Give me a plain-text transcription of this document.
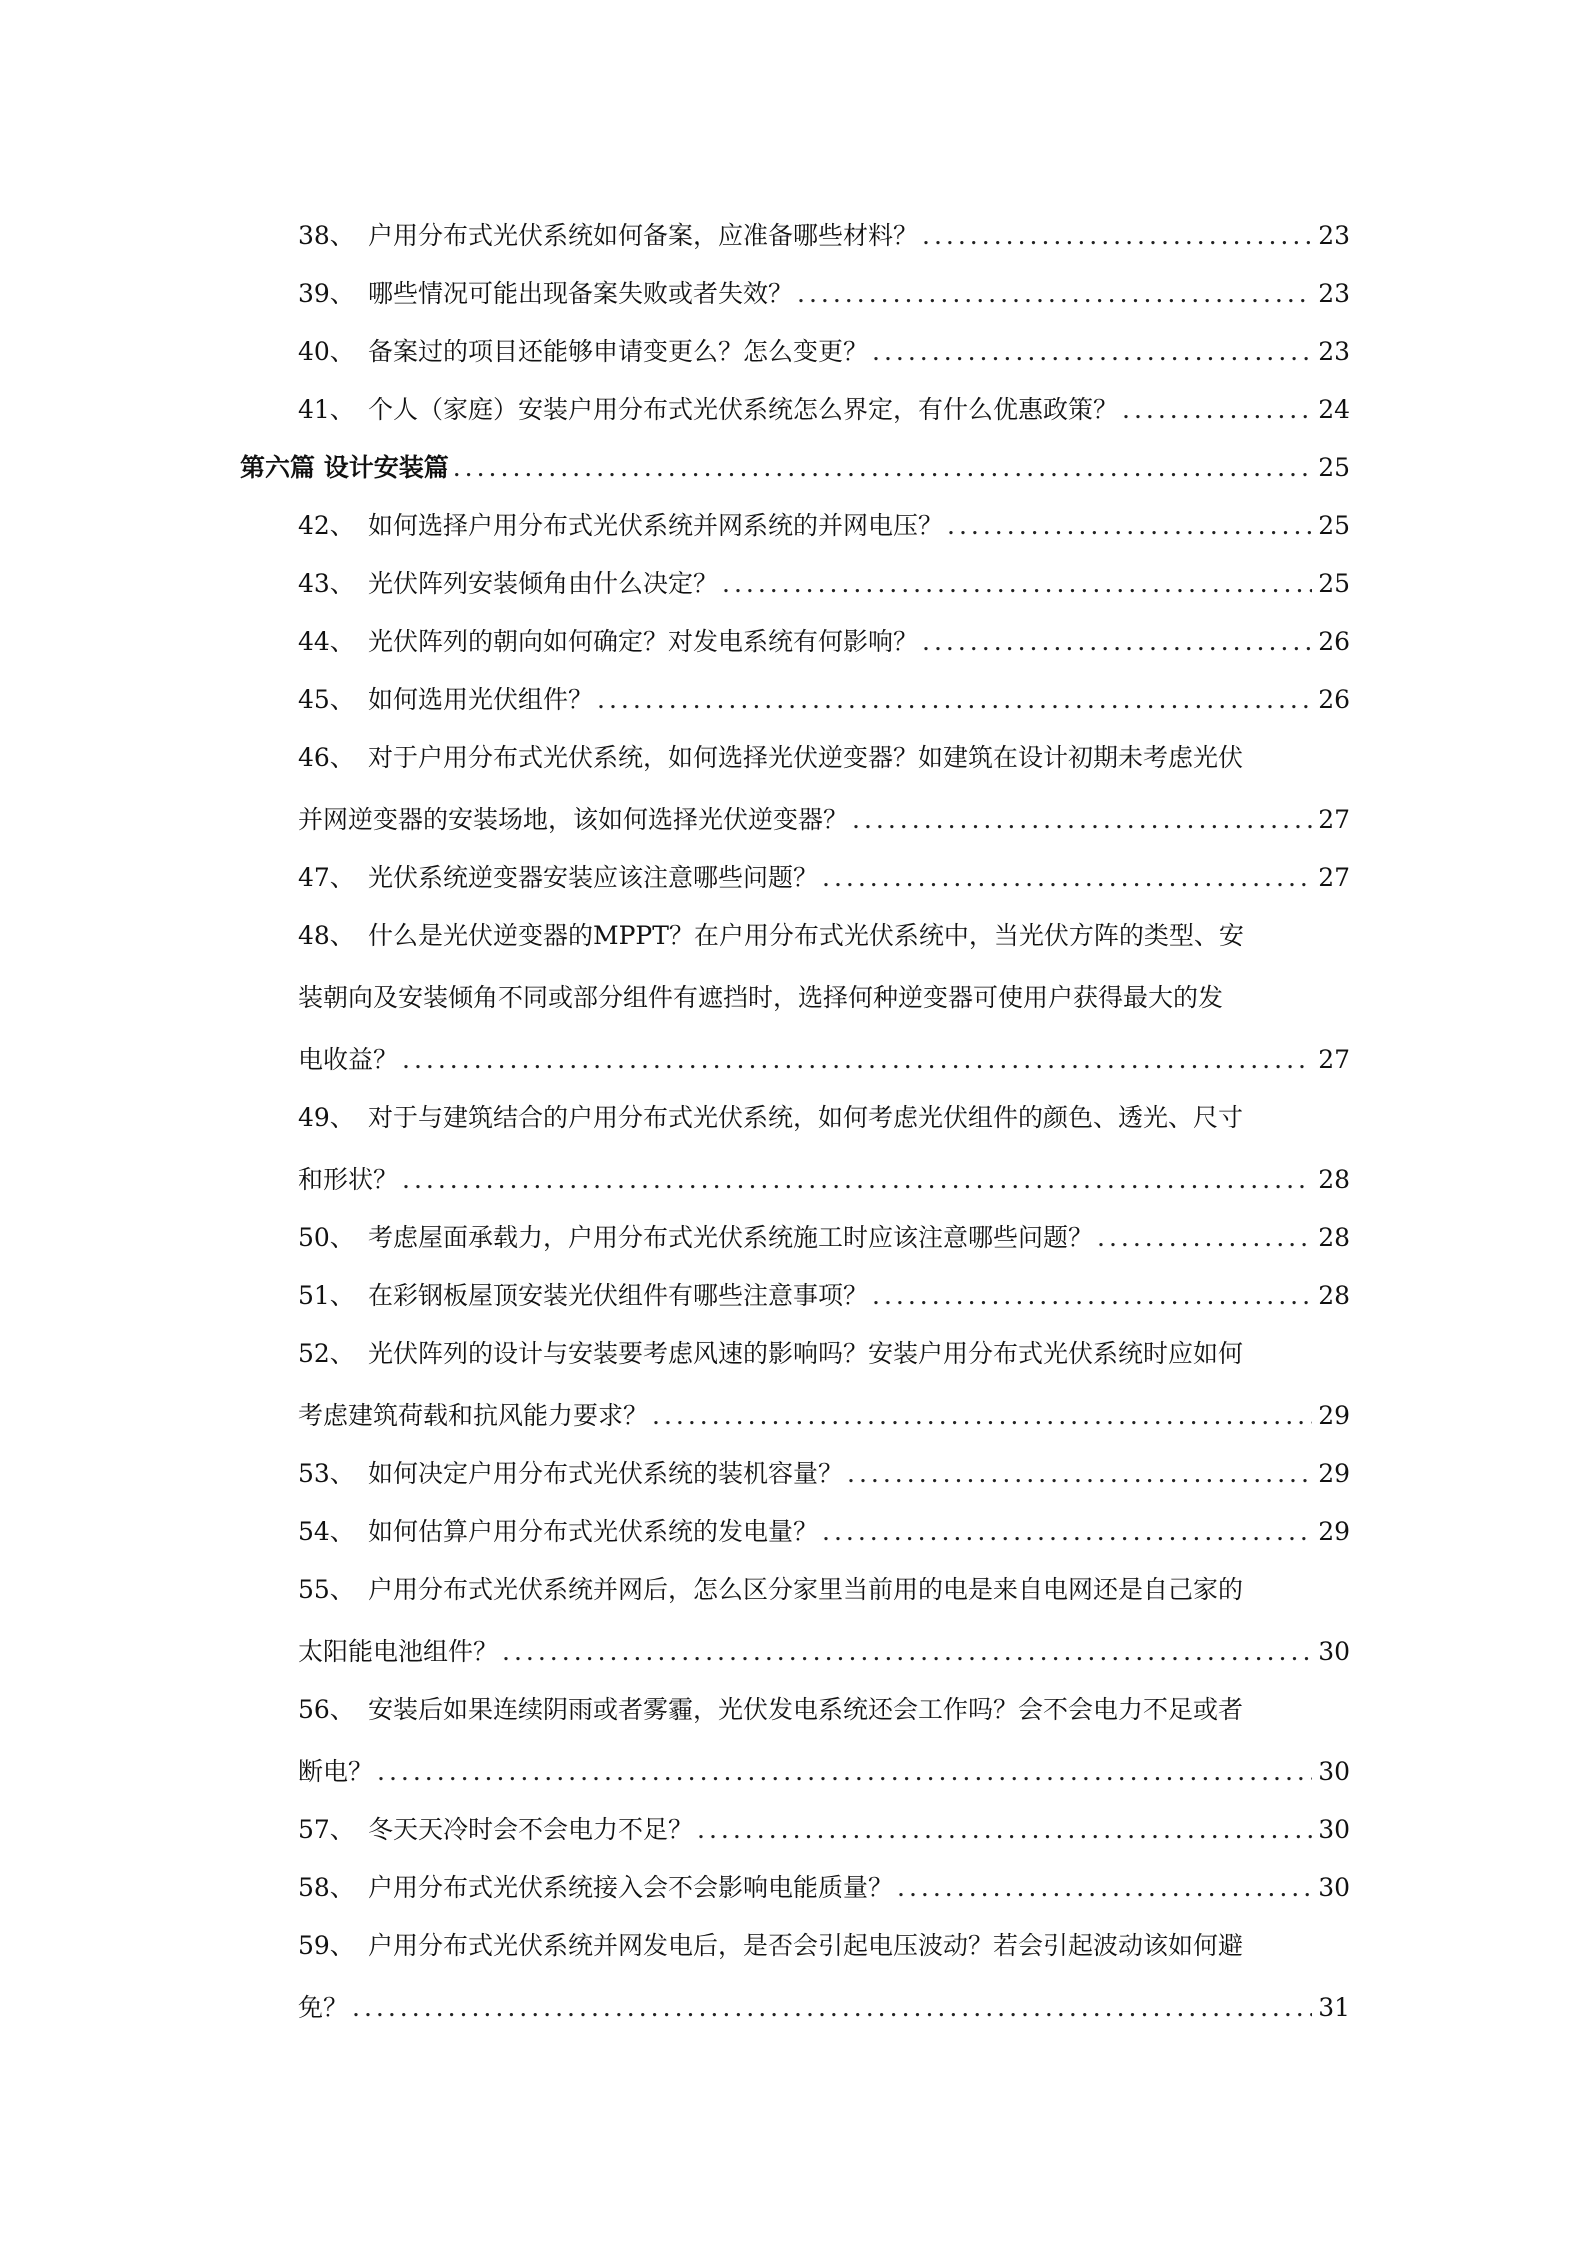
38、 户用分布式光伏系统如何备案，应准备哪些材料？ .....	23
39、 哪些情况可能出现备案失败或者失效？ .....	23
40、 备案过的项目还能够申请变更么？怎么变更？ .....	23
41、 个人（家庭）安装户用分布式光伏系统怎么界定，有什么优惠政策？ .....	24
第六篇 设计安装篇 .....	25
42、 如何选择户用分布式光伏系统并网系统的并网电压？ .....	25
43、 光伏阵列安装倾角由什么决定？ .....	25
44、 光伏阵列的朝向如何确定？对发电系统有何影响？ .....	26
45、 如何选用光伏组件？ .....	26
46、 对于户用分布式光伏系统，如何选择光伏逆变器？如建筑在设计初期未考虑光伏
并网逆变器的安装场地，该如何选择光伏逆变器？ .....	27
47、 光伏系统逆变器安装应该注意哪些问题？ .....	27
48、 什么是光伏逆变器的MPPT？在户用分布式光伏系统中，当光伏方阵的类型、安
装朝向及安装倾角不同或部分组件有遮挡时，选择何种逆变器可使用户获得最大的发
电收益？ .....	27
49、 对于与建筑结合的户用分布式光伏系统，如何考虑光伏组件的颜色、透光、尺寸
和形状？ .....	28
50、 考虑屋面承载力，户用分布式光伏系统施工时应该注意哪些问题？ .....	28
51、 在彩钢板屋顶安装光伏组件有哪些注意事项？ .....	28
52、 光伏阵列的设计与安装要考虑风速的影响吗？安装户用分布式光伏系统时应如何
考虑建筑荷载和抗风能力要求？ .....	29
53、 如何决定户用分布式光伏系统的装机容量？ .....	29
54、 如何估算户用分布式光伏系统的发电量？ .....	29
55、 户用分布式光伏系统并网后，怎么区分家里当前用的电是来自电网还是自己家的
太阳能电池组件？ .....	30
56、 安装后如果连续阴雨或者雾霾，光伏发电系统还会工作吗？会不会电力不足或者
断电？ .....	30
57、 冬天天冷时会不会电力不足？ .....	30
58、 户用分布式光伏系统接入会不会影响电能质量？ .....	30
59、 户用分布式光伏系统并网发电后，是否会引起电压波动？若会引起波动该如何避
免？ .....	31
